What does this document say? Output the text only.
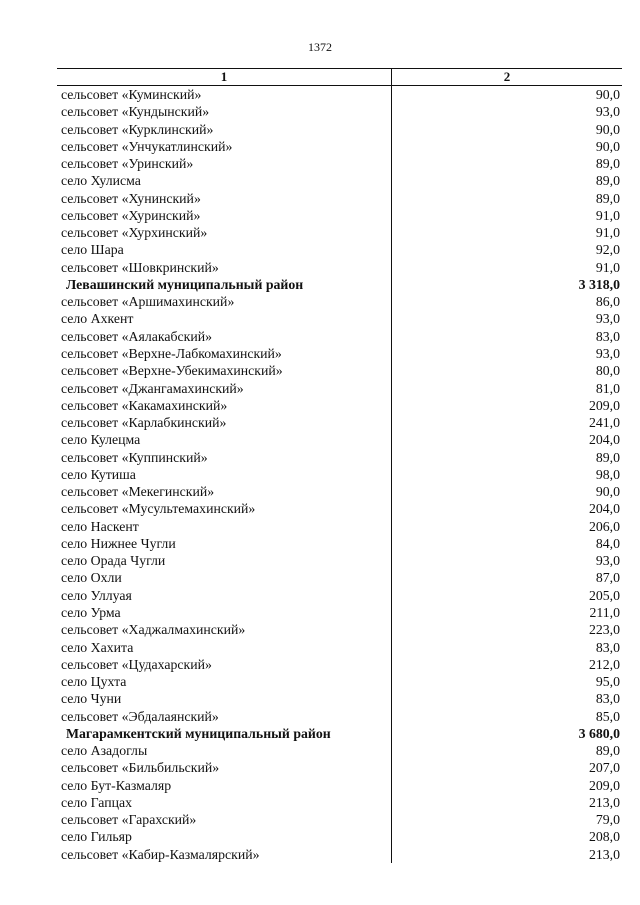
1372
1	2
сельсовет «Куминский»	90,0
сельсовет «Кундынский»	93,0
сельсовет «Курклинский»	90,0
сельсовет «Унчукатлинский»	90,0
сельсовет «Уринский»	89,0
село Хулисма	89,0
сельсовет «Хунинский»	89,0
сельсовет «Хуринский»	91,0
сельсовет «Хурхинский»	91,0
село Шара	92,0
сельсовет «Шовкринский»	91,0
Левашинский муниципальный район	3 318,0
сельсовет «Аршимахинский»	86,0
село Ахкент	93,0
сельсовет «Аялакабский»	83,0
сельсовет «Верхне-Лабкомахинский»	93,0
сельсовет «Верхне-Убекимахинский»	80,0
сельсовет «Джангамахинский»	81,0
сельсовет «Какамахинский»	209,0
сельсовет «Карлабкинский»	241,0
село Кулецма	204,0
сельсовет «Куппинский»	89,0
село Кутиша	98,0
сельсовет «Мекегинский»	90,0
сельсовет «Мусультемахинский»	204,0
село Наскент	206,0
село Нижнее Чугли	84,0
село Орада Чугли	93,0
село Охли	87,0
село Уллуая	205,0
село Урма	211,0
сельсовет «Хаджалмахинский»	223,0
село Хахита	83,0
сельсовет «Цудахарский»	212,0
село Цухта	95,0
село Чуни	83,0
сельсовет «Эбдалаянский»	85,0
Магарамкентский муниципальный район	3 680,0
село Азадоглы	89,0
сельсовет «Бильбильский»	207,0
село Бут-Казмаляр	209,0
село Гапцах	213,0
сельсовет «Гарахский»	79,0
село Гильяр	208,0
сельсовет «Кабир-Казмалярский»	213,0
